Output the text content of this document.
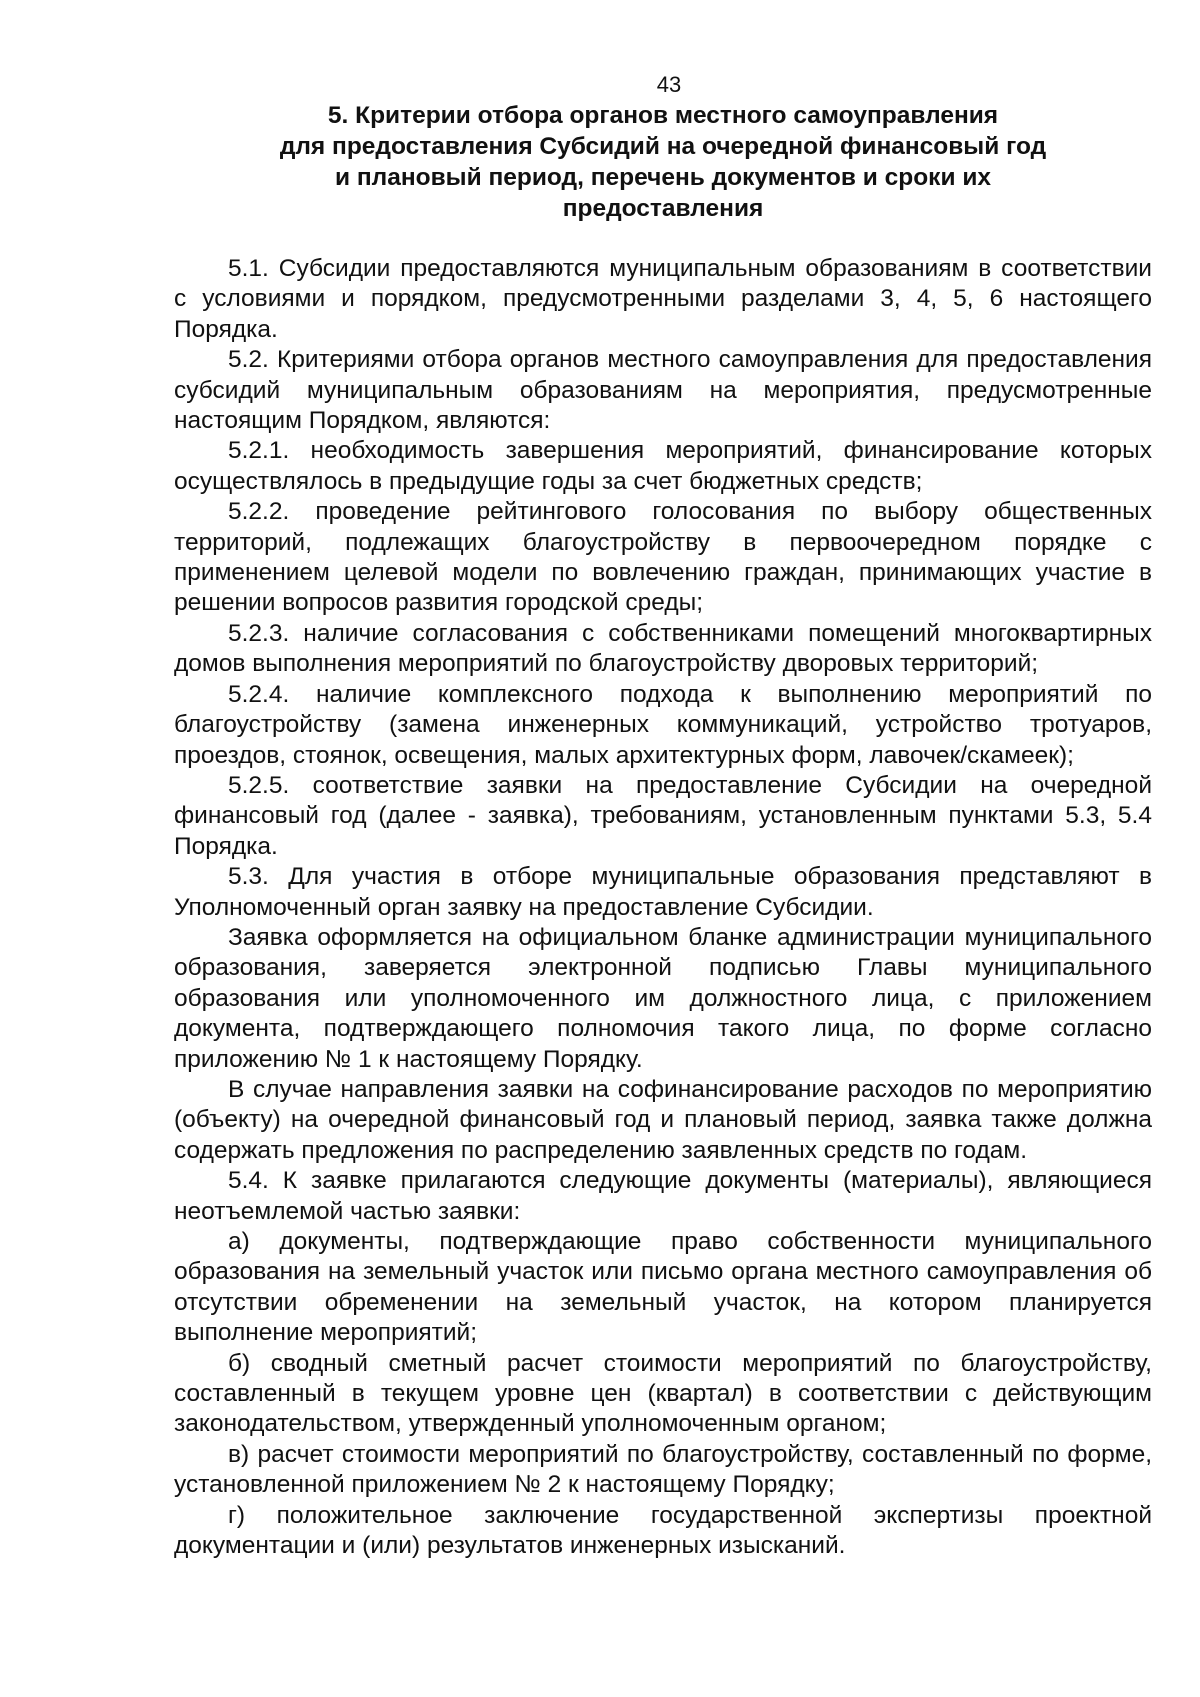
43
5. Критерии отбора органов местного самоуправления
для предоставления Субсидий на очередной финансовый год
и плановый период, перечень документов и сроки их
предоставления

5.1. Субсидии предоставляются муниципальным образованиям в соответствии с условиями и порядком, предусмотренными разделами 3, 4, 5, 6 настоящего Порядка.

5.2. Критериями отбора органов местного самоуправления для предоставления субсидий муниципальным образованиям на мероприятия, предусмотренные настоящим Порядком, являются:

5.2.1. необходимость завершения мероприятий, финансирование которых осуществлялось в предыдущие годы за счет бюджетных средств;

5.2.2. проведение рейтингового голосования по выбору общественных территорий, подлежащих благоустройству в первоочередном порядке с применением целевой модели по вовлечению граждан, принимающих участие в решении вопросов развития городской среды;

5.2.3. наличие согласования с собственниками помещений многоквартирных домов выполнения мероприятий по благоустройству дворовых территорий;

5.2.4. наличие комплексного подхода к выполнению мероприятий по благоустройству (замена инженерных коммуникаций, устройство тротуаров, проездов, стоянок, освещения, малых архитектурных форм, лавочек/скамеек);

5.2.5. соответствие заявки на предоставление Субсидии на очередной финансовый год (далее - заявка), требованиям, установленным пунктами 5.3, 5.4 Порядка.

5.3. Для участия в отборе муниципальные образования представляют в Уполномоченный орган заявку на предоставление Субсидии.

Заявка оформляется на официальном бланке администрации муниципального образования, заверяется электронной подписью Главы муниципального образования или уполномоченного им должностного лица, с приложением документа, подтверждающего полномочия такого лица, по форме согласно приложению № 1 к настоящему Порядку.

В случае направления заявки на софинансирование расходов по мероприятию (объекту) на очередной финансовый год и плановый период, заявка также должна содержать предложения по распределению заявленных средств по годам.

5.4. К заявке прилагаются следующие документы (материалы), являющиеся неотъемлемой частью заявки:

а) документы, подтверждающие право собственности муниципального образования на земельный участок или письмо органа местного самоуправления об отсутствии обременении на земельный участок, на котором планируется выполнение мероприятий;

б) сводный сметный расчет стоимости мероприятий по благоустройству, составленный в текущем уровне цен (квартал) в соответствии с действующим законодательством, утвержденный уполномоченным органом;

в) расчет стоимости мероприятий по благоустройству, составленный по форме, установленной приложением № 2 к настоящему Порядку;

г) положительное заключение государственной экспертизы проектной документации и (или) результатов инженерных изысканий.
